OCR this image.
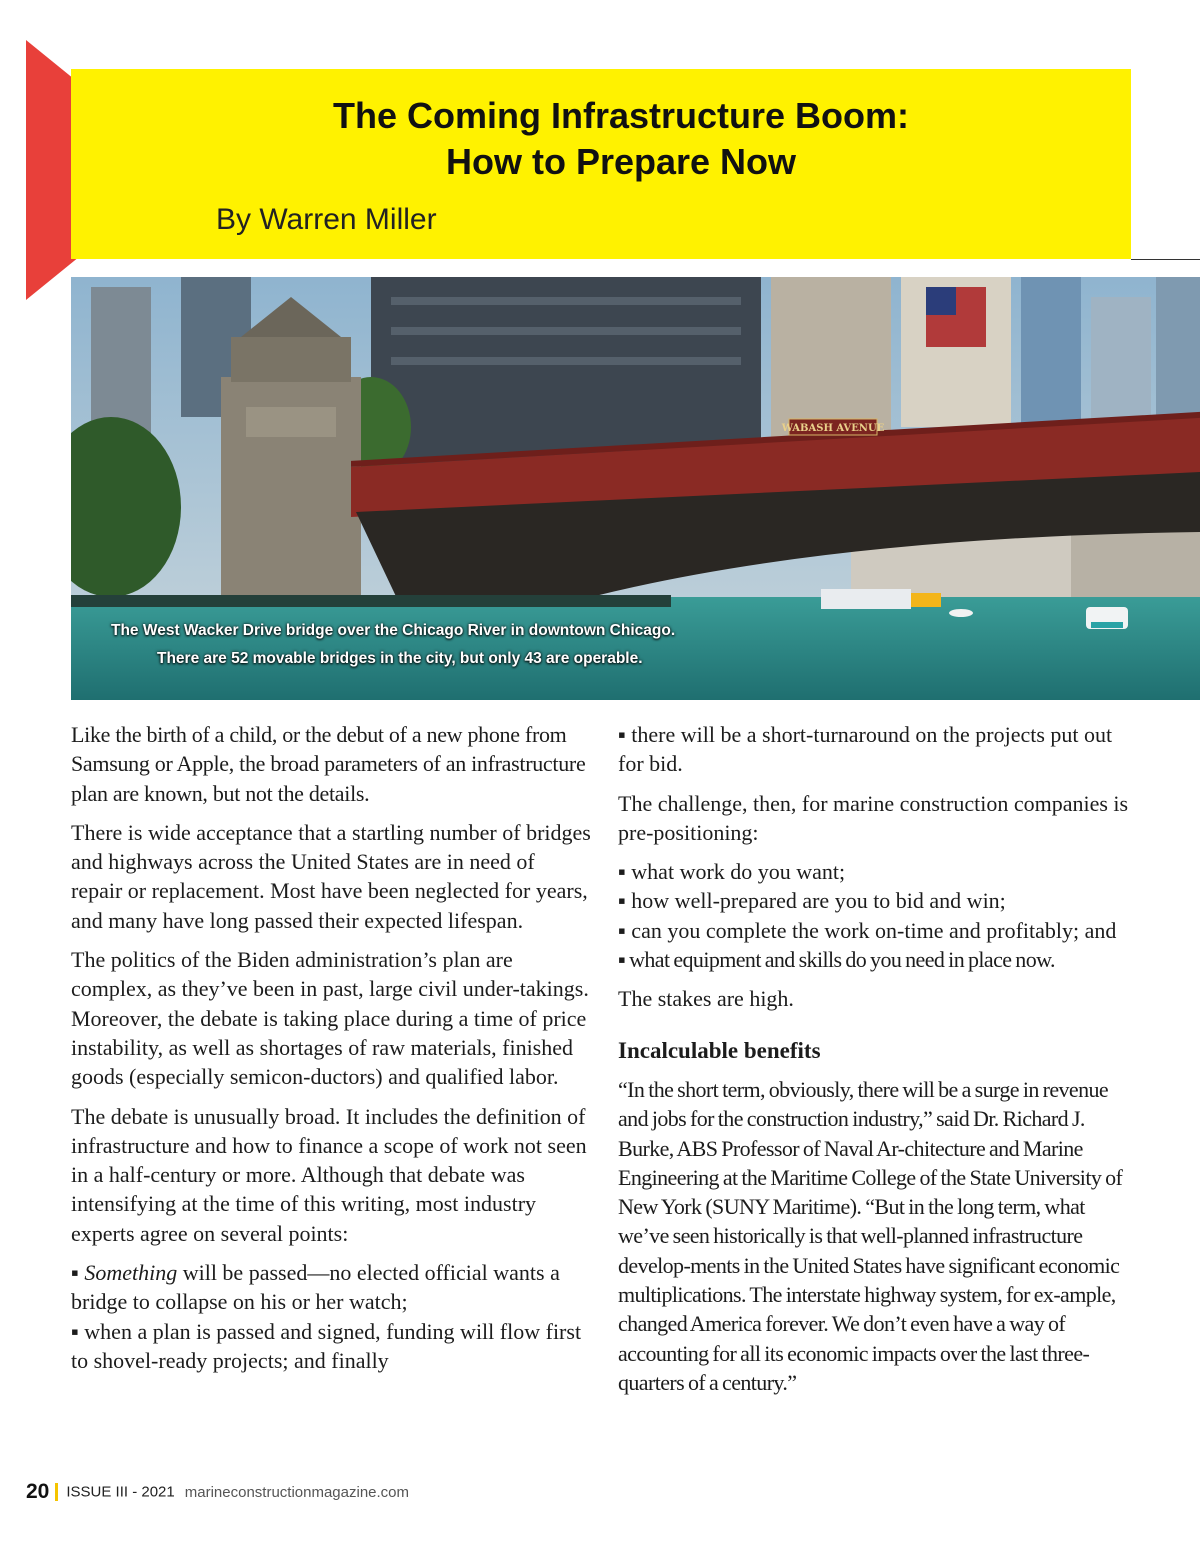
The Coming Infrastructure Boom:
How to Prepare Now
By Warren Miller
WABASH AVENUE
The West Wacker Drive bridge over the Chicago River in downtown Chicago.
There are 52 movable bridges in the city, but only 43 are operable.

Like the birth of a child, or the debut of a new phone from Samsung or Apple, the broad parameters of an infrastructure plan are known, but not the details.

There is wide acceptance that a startling number of bridges and highways across the United States are in need of repair or replacement. Most have been neglected for years, and many have long passed their expected lifespan.

The politics of the Biden administration’s plan are complex, as they’ve been in past, large civil under-takings. Moreover, the debate is taking place during a time of price instability, as well as shortages of raw materials, finished goods (especially semicon-ductors) and qualified labor.

The debate is unusually broad. It includes the definition of infrastructure and how to finance a scope of work not seen in a half-century or more. Although that debate was intensifying at the time of this writing, most industry experts agree on several points:

▪ Something will be passed—no elected official wants a bridge to collapse on his or her watch;

▪ when a plan is passed and signed, funding will flow first to shovel-ready projects; and finally

▪ there will be a short-turnaround on the projects put out for bid.

The challenge, then, for marine construction companies is pre-positioning:

▪ what work do you want;

▪ how well-prepared are you to bid and win;

▪ can you complete the work on-time and profitably; and

▪ what equipment and skills do you need in place now.

The stakes are high.

Incalculable benefits

“In the short term, obviously, there will be a surge in revenue and jobs for the construction industry,” said Dr. Richard J. Burke, ABS Professor of Naval Ar-chitecture and Marine Engineering at the Maritime College of the State University of New York (SUNY Maritime). “But in the long term, what we’ve seen historically is that well-planned infrastructure develop-ments in the United States have significant economic multiplications. The interstate highway system, for ex-ample, changed America forever. We don’t even have a way of accounting for all its economic impacts over the last three-quarters of a century.”

20 ISSUE III - 2021 marineconstructionmagazine.com
